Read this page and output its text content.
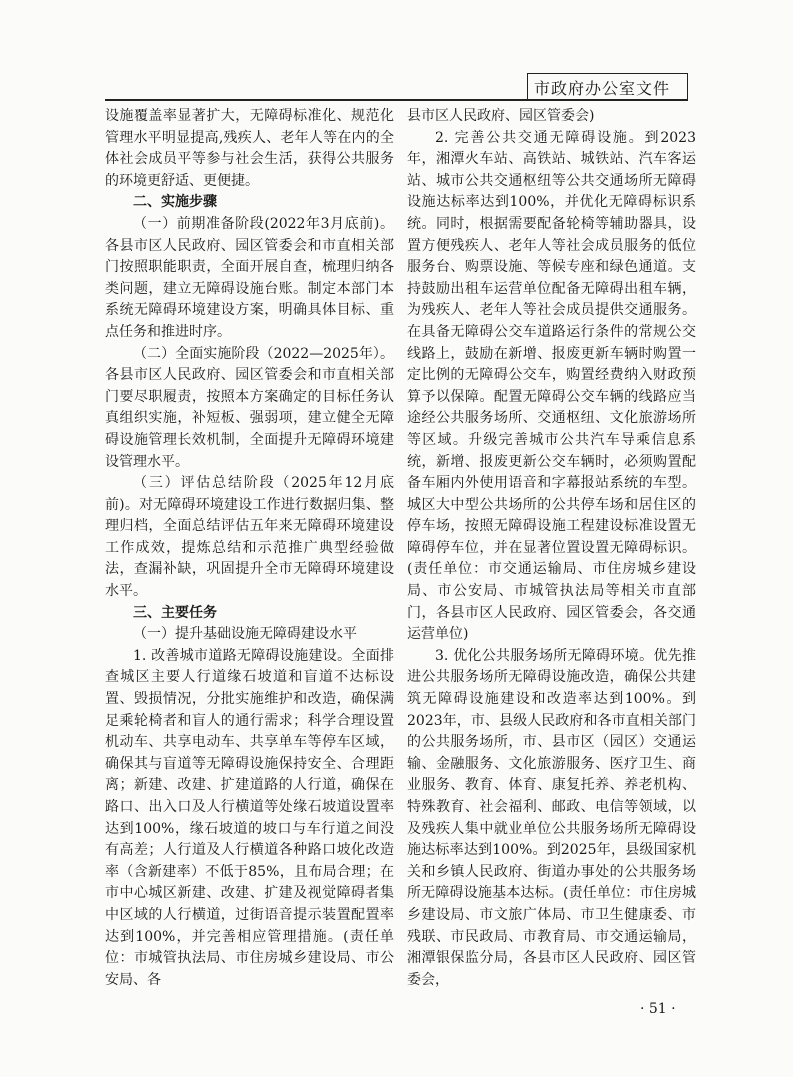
市政府办公室文件

设施覆盖率显著扩大，无障碍标准化、规范化管理水平明显提高,残疾人、老年人等在内的全体社会成员平等参与社会生活，获得公共服务的环境更舒适、更便捷。

二、实施步骤

（一）前期准备阶段(2022年3月底前)。各县市区人民政府、园区管委会和市直相关部门按照职能职责，全面开展自查，梳理归纳各类问题，建立无障碍设施台账。制定本部门本系统无障碍环境建设方案，明确具体目标、重点任务和推进时序。

（二）全面实施阶段（2022—2025年）。各县市区人民政府、园区管委会和市直相关部门要尽职履责，按照本方案确定的目标任务认真组织实施，补短板、强弱项，建立健全无障碍设施管理长效机制，全面提升无障碍环境建设管理水平。

（三）评估总结阶段（2025年12月底前)。对无障碍环境建设工作进行数据归集、整理归档，全面总结评估五年来无障碍环境建设工作成效，提炼总结和示范推广典型经验做法，查漏补缺，巩固提升全市无障碍环境建设水平。

三、主要任务

（一）提升基础设施无障碍建设水平

1. 改善城市道路无障碍设施建设。全面排查城区主要人行道缘石坡道和盲道不达标设置、毁损情况，分批实施维护和改造，确保满足乘轮椅者和盲人的通行需求；科学合理设置机动车、共享电动车、共享单车等停车区域，确保其与盲道等无障碍设施保持安全、合理距离；新建、改建、扩建道路的人行道，确保在路口、出入口及人行横道等处缘石坡道设置率达到100%，缘石坡道的坡口与车行道之间没有高差；人行道及人行横道各种路口坡化改造率（含新建率）不低于85%，且布局合理；在市中心城区新建、改建、扩建及视觉障碍者集中区域的人行横道，过街语音提示装置配置率达到100%，并完善相应管理措施。(责任单位：市城管执法局、市住房城乡建设局、市公安局、各

县市区人民政府、园区管委会)

2. 完善公共交通无障碍设施。到2023年，湘潭火车站、高铁站、城铁站、汽车客运站、城市公共交通枢纽等公共交通场所无障碍设施达标率达到100%，并优化无障碍标识系统。同时，根据需要配备轮椅等辅助器具，设置方便残疾人、老年人等社会成员服务的低位服务台、购票设施、等候专座和绿色通道。支持鼓励出租车运营单位配备无障碍出租车辆，为残疾人、老年人等社会成员提供交通服务。在具备无障碍公交车道路运行条件的常规公交线路上，鼓励在新增、报废更新车辆时购置一定比例的无障碍公交车，购置经费纳入财政预算予以保障。配置无障碍公交车辆的线路应当途经公共服务场所、交通枢纽、文化旅游场所等区域。升级完善城市公共汽车导乘信息系统，新增、报废更新公交车辆时，必须购置配备车厢内外使用语音和字幕报站系统的车型。城区大中型公共场所的公共停车场和居住区的停车场，按照无障碍设施工程建设标准设置无障碍停车位，并在显著位置设置无障碍标识。(责任单位：市交通运输局、市住房城乡建设局、市公安局、市城管执法局等相关市直部门，各县市区人民政府、园区管委会，各交通运营单位)

3. 优化公共服务场所无障碍环境。优先推进公共服务场所无障碍设施改造，确保公共建筑无障碍设施建设和改造率达到100%。到2023年，市、县级人民政府和各市直相关部门的公共服务场所，市、县市区（园区）交通运输、金融服务、文化旅游服务、医疗卫生、商业服务、教育、体育、康复托养、养老机构、特殊教育、社会福利、邮政、电信等领域，以及残疾人集中就业单位公共服务场所无障碍设施达标率达到100%。到2025年，县级国家机关和乡镇人民政府、街道办事处的公共服务场所无障碍设施基本达标。(责任单位：市住房城乡建设局、市文旅广体局、市卫生健康委、市残联、市民政局、市教育局、市交通运输局，湘潭银保监分局，各县市区人民政府、园区管委会，

· 51 ·
